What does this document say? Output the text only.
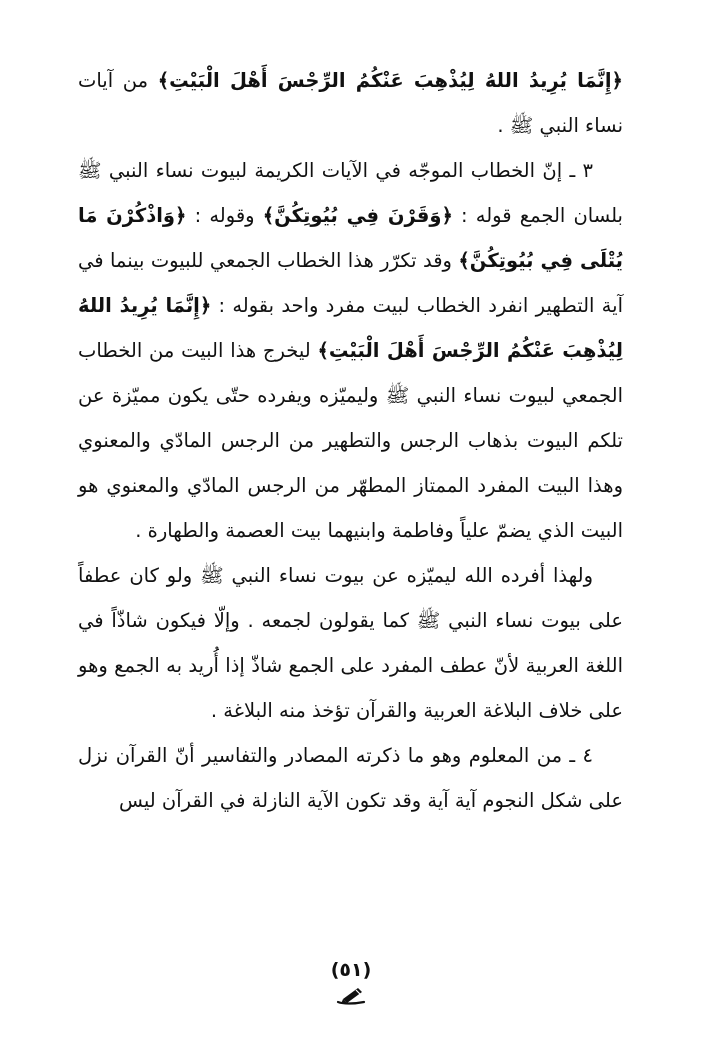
﴿إِنَّمَا يُرِيدُ اللهُ لِيُذْهِبَ عَنْكُمُ الرِّجْسَ أَهْلَ الْبَيْتِ﴾ من آيات نساء النبي ﷺ .

٣ ـ إنّ الخطاب الموجّه في الآيات الكريمة لبيوت نساء النبي ﷺ بلسان الجمع قوله : ﴿وَقَرْنَ فِي بُيُوتِكُنَّ﴾ وقوله : ﴿وَاذْكُرْنَ مَا يُتْلَى فِي بُيُوتِكُنَّ﴾ وقد تكرّر هذا الخطاب الجمعي للبيوت بينما في آية التطهير انفرد الخطاب لبيت مفرد واحد بقوله : ﴿إِنَّمَا يُرِيدُ اللهُ لِيُذْهِبَ عَنْكُمُ الرِّجْسَ أَهْلَ الْبَيْتِ﴾ ليخرج هذا البيت من الخطاب الجمعي لبيوت نساء النبي ﷺ وليميّزه ويفرده حتّى يكون مميّزة عن تلكم البيوت بذهاب الرجس والتطهير من الرجس المادّي والمعنوي وهذا البيت المفرد الممتاز المطهّر من الرجس المادّي والمعنوي هو البيت الذي يضمّ علياً وفاطمة وابنيهما بيت العصمة والطهارة .

ولهذا أفرده الله ليميّزه عن بيوت نساء النبي ﷺ ولو كان عطفاً على بيوت نساء النبي ﷺ كما يقولون لجمعه . وإلّا فيكون شاذّاً في اللغة العربية لأنّ عطف المفرد على الجمع شاذّ إذا أُريد به الجمع وهو على خلاف البلاغة العربية والقرآن تؤخذ منه البلاغة .

٤ ـ من المعلوم وهو ما ذكرته المصادر والتفاسير أنّ القرآن نزل على شكل النجوم آية آية وقد تكون الآية النازلة في القرآن ليس

(٥١)
